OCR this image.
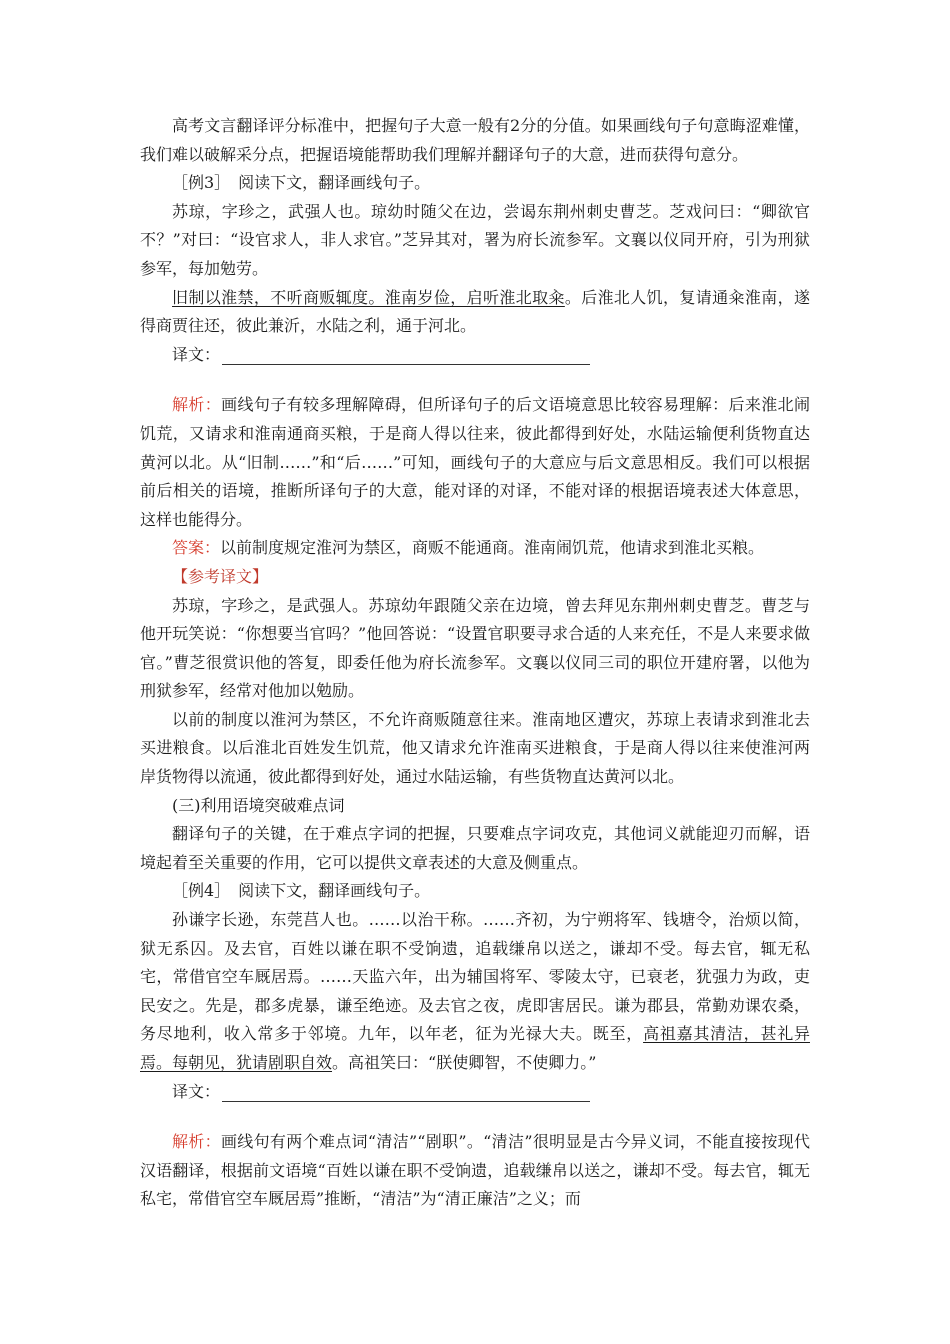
高考文言翻译评分标准中，把握句子大意一般有2分的分值。如果画线句子句意晦涩难懂，我们难以破解采分点，把握语境能帮助我们理解并翻译句子的大意，进而获得句意分。

［例3］　阅读下文，翻译画线句子。

苏琼，字珍之，武强人也。琼幼时随父在边，尝谒东荆州刺史曹芝。芝戏问曰：“卿欲官不？”对曰：“设官求人，非人求官。”芝异其对，署为府长流参军。文襄以仪同开府，引为刑狱参军，每加勉劳。

旧制以淮禁，不听商贩辄度。淮南岁俭，启听淮北取籴。后淮北人饥，复请通籴淮南，遂得商贾往还，彼此兼沂，水陆之利，通于河北。

译文：

解析：画线句子有较多理解障碍，但所译句子的后文语境意思比较容易理解：后来淮北闹饥荒，又请求和淮南通商买粮，于是商人得以往来，彼此都得到好处，水陆运输便利货物直达黄河以北。从“旧制……”和“后……”可知，画线句子的大意应与后文意思相反。我们可以根据前后相关的语境，推断所译句子的大意，能对译的对译，不能对译的根据语境表述大体意思，这样也能得分。

答案：以前制度规定淮河为禁区，商贩不能通商。淮南闹饥荒，他请求到淮北买粮。

【参考译文】

苏琼，字珍之，是武强人。苏琼幼年跟随父亲在边境，曾去拜见东荆州刺史曹芝。曹芝与他开玩笑说：“你想要当官吗？”他回答说：“设置官职要寻求合适的人来充任，不是人来要求做官。”曹芝很赏识他的答复，即委任他为府长流参军。文襄以仪同三司的职位开建府署，以他为刑狱参军，经常对他加以勉励。

以前的制度以淮河为禁区，不允许商贩随意往来。淮南地区遭灾，苏琼上表请求到淮北去买进粮食。以后淮北百姓发生饥荒，他又请求允许淮南买进粮食，于是商人得以往来使淮河两岸货物得以流通，彼此都得到好处，通过水陆运输，有些货物直达黄河以北。

(三)利用语境突破难点词

翻译句子的关键，在于难点字词的把握，只要难点字词攻克，其他词义就能迎刃而解，语境起着至关重要的作用，它可以提供文章表述的大意及侧重点。

［例4］　阅读下文，翻译画线句子。

孙谦字长逊，东莞莒人也。……以治干称。……齐初，为宁朔将军、钱塘令，治烦以简，狱无系囚。及去官，百姓以谦在职不受饷遗，追载缣帛以送之，谦却不受。每去官，辄无私宅，常借官空车厩居焉。……天监六年，出为辅国将军、零陵太守，已衰老，犹强力为政，吏民安之。先是，郡多虎暴，谦至绝迹。及去官之夜，虎即害居民。谦为郡县，常勤劝课农桑，务尽地利，收入常多于邻境。九年，以年老，征为光禄大夫。既至，高祖嘉其清洁，甚礼异焉。每朝见，犹请剧职自效。高祖笑曰：“朕使卿智，不使卿力。”

译文：

解析：画线句有两个难点词“清洁”“剧职”。“清洁”很明显是古今异义词，不能直接按现代汉语翻译，根据前文语境“百姓以谦在职不受饷遗，追载缣帛以送之，谦却不受。每去官，辄无私宅，常借官空车厩居焉”推断，“清洁”为“清正廉洁”之义；而
